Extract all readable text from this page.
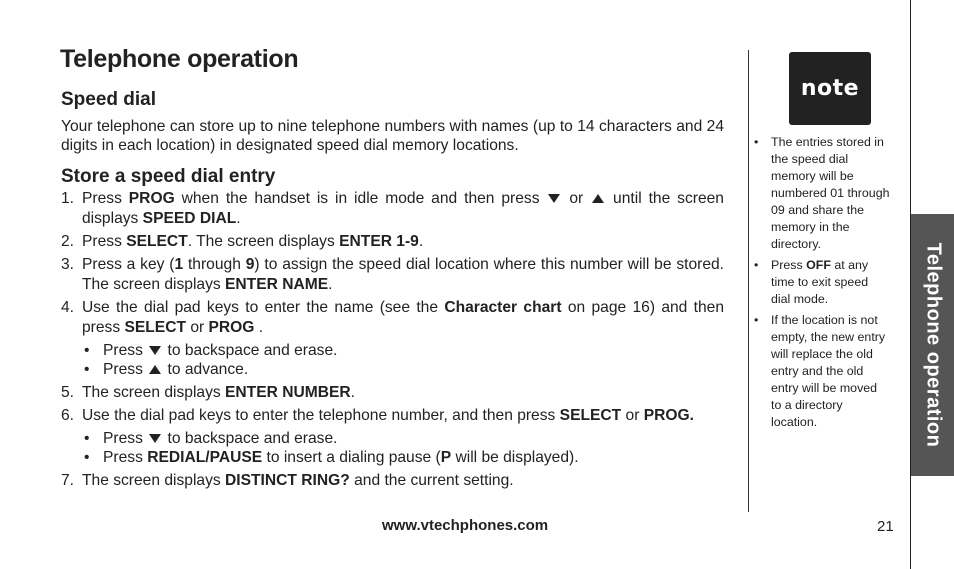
Telephone operation
Speed dial
Your telephone can store up to nine telephone numbers with names (up to 14 characters and 24 digits in each location) in designated speed dial memory locations.
Store a speed dial entry
1. Press PROG when the handset is in idle mode and then press  or  until the screen displays SPEED DIAL.
2. Press SELECT. The screen displays ENTER 1-9.
3. Press a key (1 through 9) to assign the speed dial location where this number will be stored. The screen displays ENTER NAME.
4. Use the dial pad keys to enter the name (see the Character chart on page 16) and then press SELECT or PROG .
• Press  to backspace and erase.
• Press  to advance.
5. The screen displays ENTER NUMBER.
6. Use the dial pad keys to enter the telephone number, and then press SELECT or PROG.
• Press  to backspace and erase.
• Press REDIAL/PAUSE to insert a dialing pause (P will be displayed).
7. The screen displays DISTINCT RING? and the current setting.
note
•	The entries stored in the speed dial memory will be numbered 01 through 09 and share the memory in the directory.
•	Press OFF at any time to exit speed dial mode.
•	If the location is not empty, the new entry will replace the old entry and the old entry will be moved to a directory location.	Telephone operation
www.vtechphones.com	21
